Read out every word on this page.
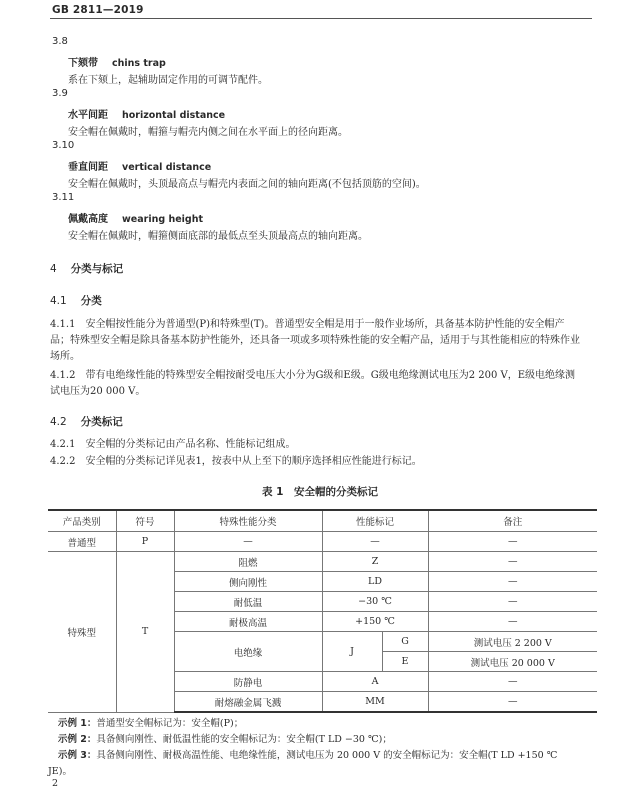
GB 2811—2019
3.8
下颏带 chins trap
系在下颏上，起辅助固定作用的可调节配件。
3.9
水平间距 horizontal distance
安全帽在佩戴时，帽箍与帽壳内侧之间在水平面上的径向距离。
3.10
垂直间距 vertical distance
安全帽在佩戴时，头顶最高点与帽壳内表面之间的轴向距离(不包括顶筋的空间)。
3.11
佩戴高度 wearing height
安全帽在佩戴时，帽箍侧面底部的最低点至头顶最高点的轴向距离。
4 分类与标记
4.1 分类
4.1.1　安全帽按性能分为普通型(P)和特殊型(T)。普通型安全帽是用于一般作业场所，具备基本防护性能的安全帽产品；特殊型安全帽是除具备基本防护性能外，还具备一项或多项特殊性能的安全帽产品，适用于与其性能相应的特殊作业场所。
4.1.2　带有电绝缘性能的特殊型安全帽按耐受电压大小分为G级和E级。G级电绝缘测试电压为2 200 V，E级电绝缘测试电压为20 000 V。
4.2 分类标记
4.2.1　安全帽的分类标记由产品名称、性能标记组成。
4.2.2　安全帽的分类标记详见表1，按表中从上至下的顺序选择相应性能进行标记。
表 1　安全帽的分类标记
产品类别	符号	特殊性能分类	性能标记		备注
普通型	P	—	—		—
特殊型	T	阻燃	Z		—
		侧向刚性	LD		—
		耐低温	−30 ℃		—
		耐极高温	+150 ℃		—
		电绝缘	J	G	测试电压 2 200 V
				E	测试电压 20 000 V
		防静电	A		—
		耐熔融金属飞溅	MM		—
示例 1：普通型安全帽标记为：安全帽(P)；
示例 2：具备侧向刚性、耐低温性能的安全帽标记为：安全帽(T LD −30 ℃)；
示例 3：具备侧向刚性、耐极高温性能、电绝缘性能，测试电压为 20 000 V 的安全帽标记为：安全帽(T LD +150 ℃
JE)。
2
